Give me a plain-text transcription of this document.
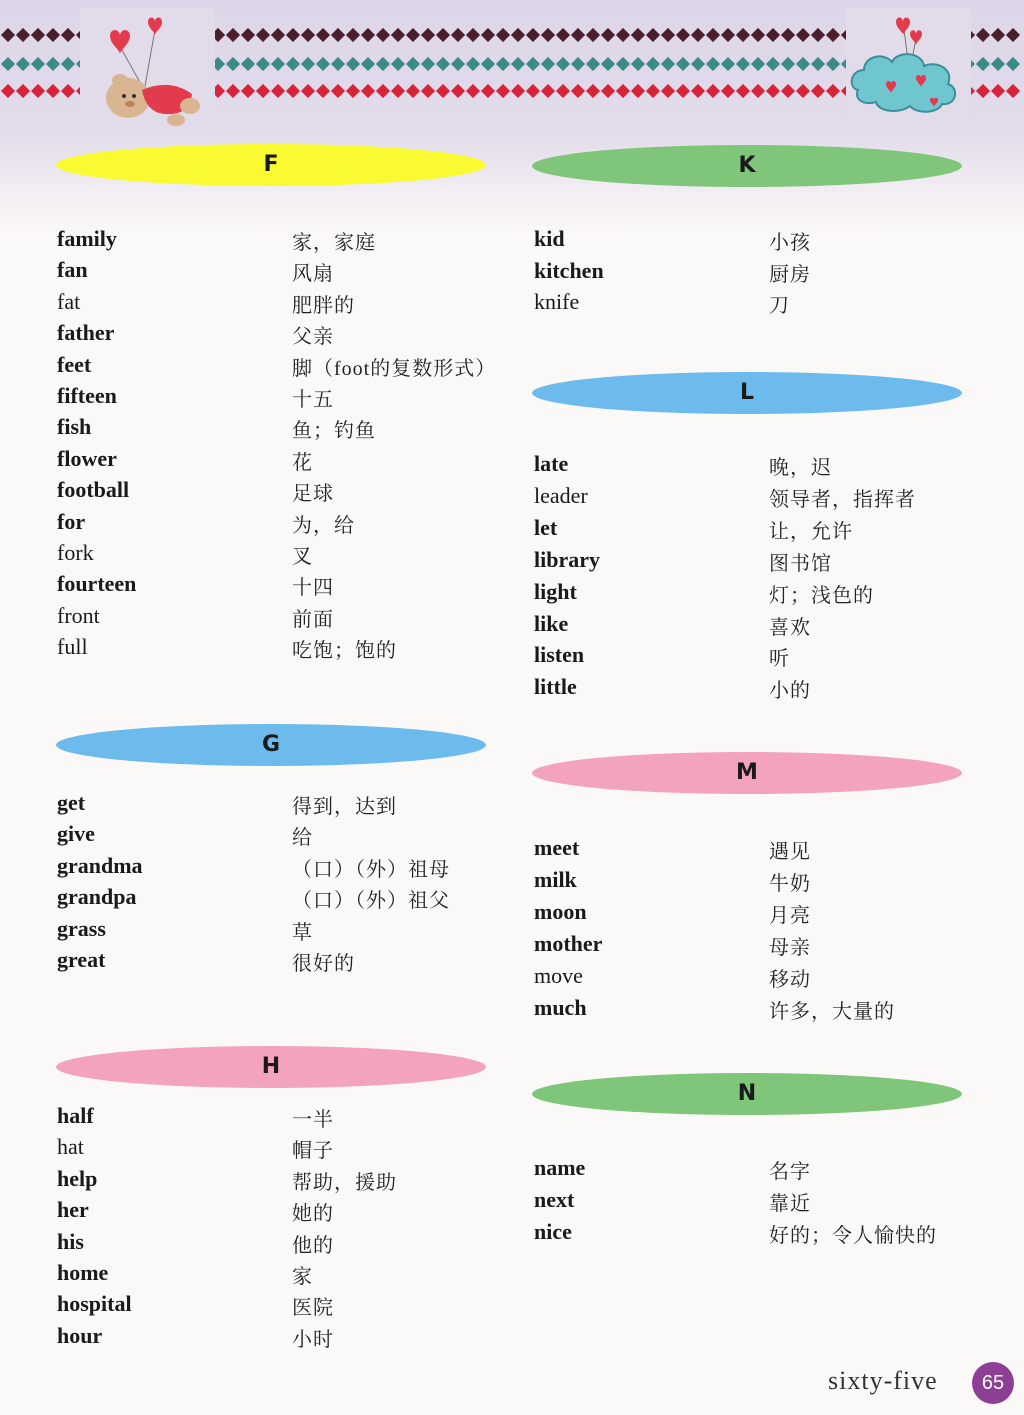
F
family	家，家庭
fan	风扇
fat	肥胖的
father	父亲
feet	脚（foot的复数形式）
fifteen	十五
fish	鱼；钓鱼
flower	花
football	足球
for	为，给
fork	叉
fourteen	十四
front	前面
full	吃饱；饱的
G
get	得到，达到
give	给
grandma	（口）（外）祖母
grandpa	（口）（外）祖父
grass	草
great	很好的
H
half	一半
hat	帽子
help	帮助，援助
her	她的
his	他的
home	家
hospital	医院
hour	小时
K
kid	小孩
kitchen	厨房
knife	刀
L
late	晚，迟
leader	领导者，指挥者
let	让，允许
library	图书馆
light	灯；浅色的
like	喜欢
listen	听
little	小的
M
meet	遇见
milk	牛奶
moon	月亮
mother	母亲
move	移动
much	许多，大量的
N
name	名字
next	靠近
nice	好的；令人愉快的
sixty-five	65
